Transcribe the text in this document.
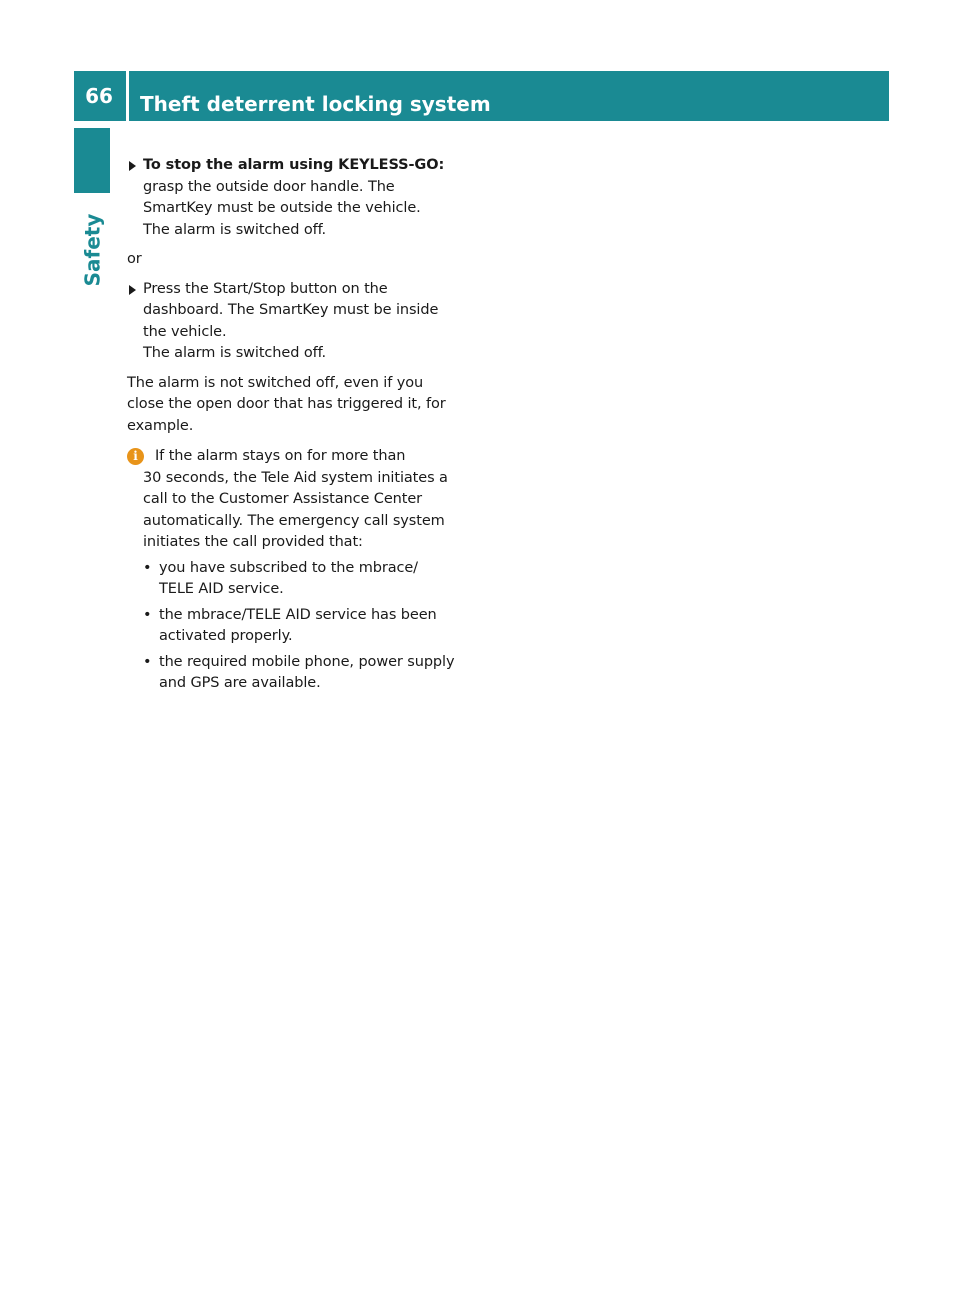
66	Theft deterrent locking system
Safety

To stop the alarm using KEYLESS-GO:

grasp the outside door handle. The

SmartKey must be outside the vehicle.

The alarm is switched off.

or

Press the Start/Stop button on the

dashboard. The SmartKey must be inside

the vehicle.

The alarm is switched off.

The alarm is not switched off, even if you

close the open door that has triggered it, for

example.

i	If the alarm stays on for more than

30 seconds, the Tele Aid system initiates a

call to the Customer Assistance Center

automatically. The emergency call system

initiates the call provided that:

• you have subscribed to the mbrace/

TELE AID service.

• the mbrace/TELE AID service has been

activated properly.

• the required mobile phone, power supply

and GPS are available.
